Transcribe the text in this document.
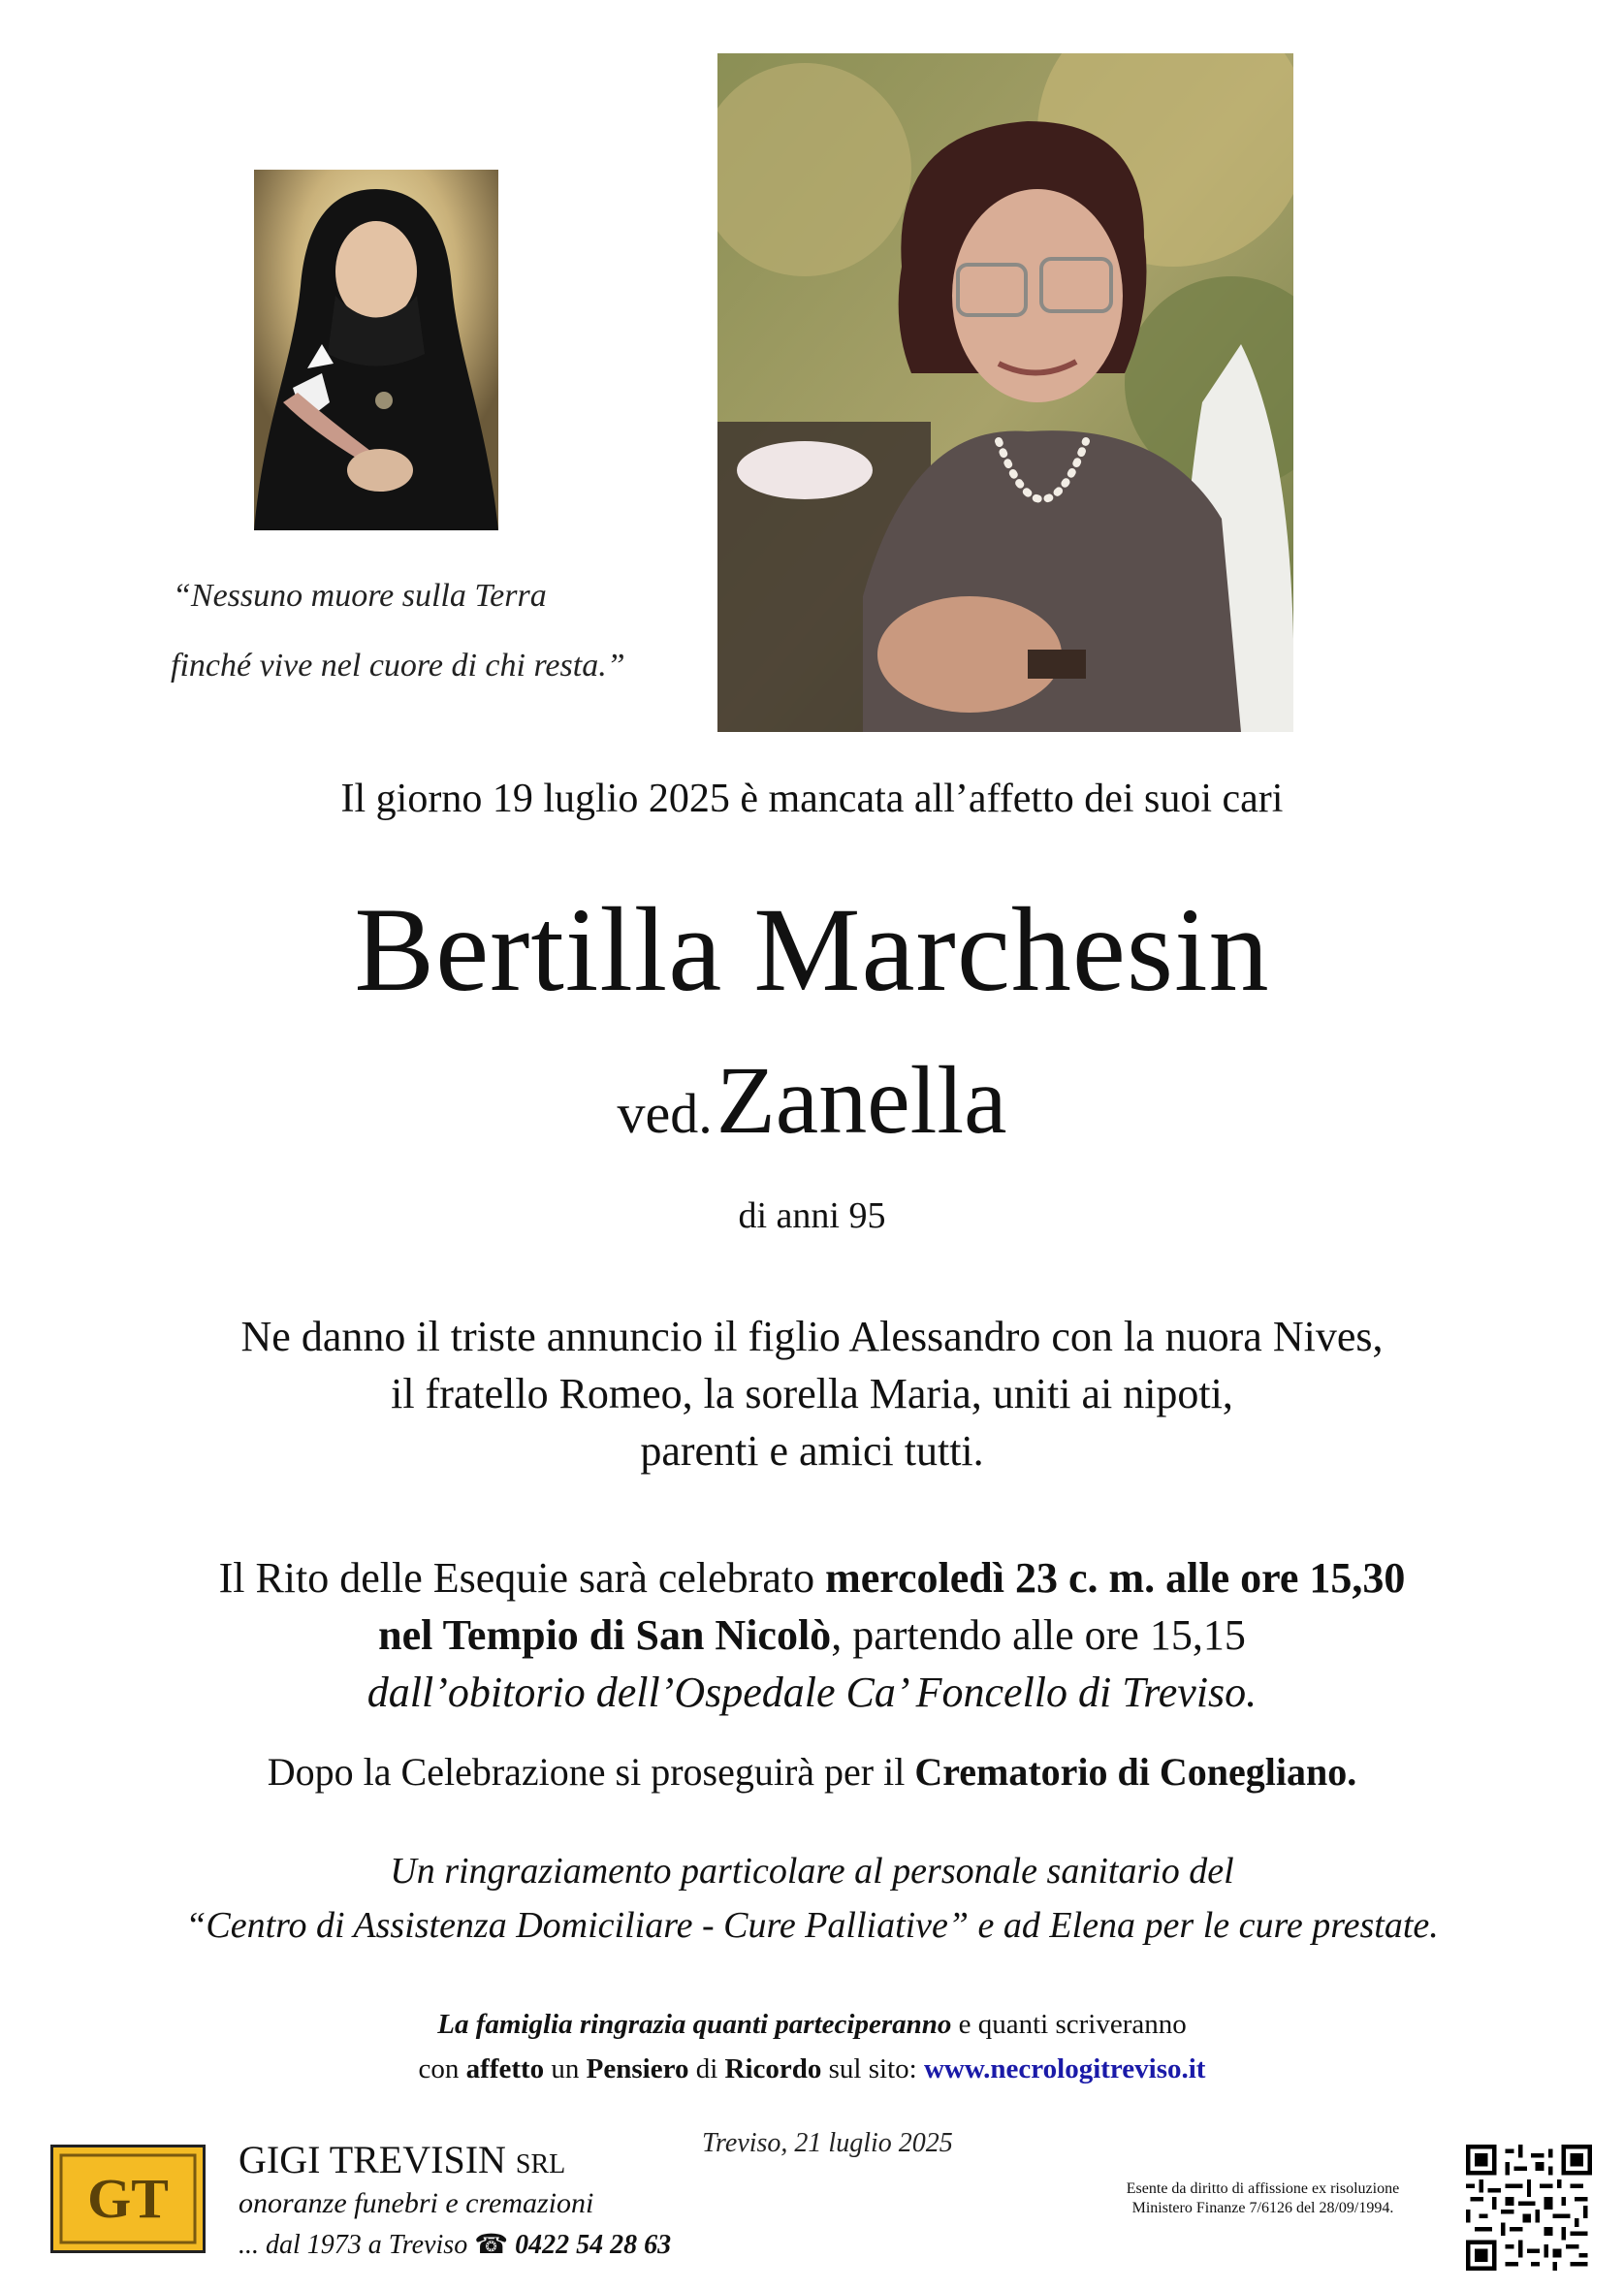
“Nessuno muore sulla Terra
finché vive nel cuore di chi resta.”
Il giorno 19 luglio 2025 è mancata all’affetto dei suoi cari
Bertilla Marchesin
ved. Zanella
di anni 95
Ne danno il triste annuncio il figlio Alessandro con la nuora Nives,
il fratello Romeo, la sorella Maria, uniti ai nipoti,
parenti e amici tutti.
Il Rito delle Esequie sarà celebrato mercoledì 23 c. m. alle ore 15,30
nel Tempio di San Nicolò, partendo alle ore 15,15
dall’obitorio dell’Ospedale Ca’ Foncello di Treviso.
Dopo la Celebrazione si proseguirà per il Crematorio di Conegliano.
Un ringraziamento particolare al personale sanitario del
“Centro di Assistenza Domiciliare - Cure Palliative” e ad Elena per le cure prestate.
La famiglia ringrazia quanti parteciperanno e quanti scriveranno
con affetto un Pensiero di Ricordo sul sito: www.necrologitreviso.it
Treviso, 21 luglio 2025
GT
GIGI TREVISIN SRL
onoranze funebri e cremazioni
... dal 1973 a Treviso ☎ 0422 54 28 63
Esente da diritto di affissione ex risoluzione
Ministero Finanze 7/6126 del 28/09/1994.
